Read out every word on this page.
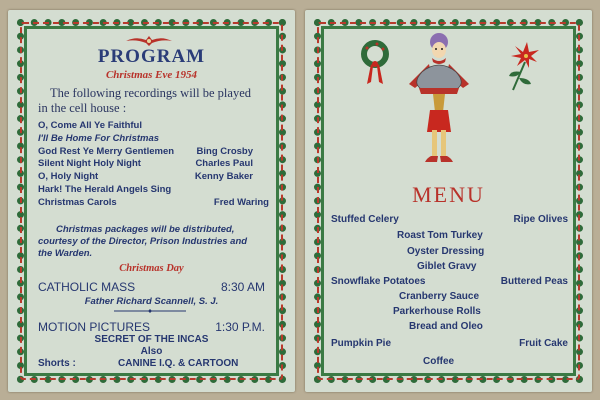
PROGRAM
Christmas Eve 1954
The following recordings will be played
in the cell house :
O, Come All Ye Faithful
I'll Be Home For Christmas
God Rest Ye Merry Gentlemen Bing Crosby
Silent Night Holy Night	Charles Paul
O, Holy Night	Kenny Baker
Hark! The Herald Angels Sing
Christmas Carols	Fred Waring
Christmas packages will be distributed,
courtesy of the Director, Prison Industries and
the Warden.
Christmas Day
CATHOLIC MASS	8:30 AM
Father Richard Scannell, S. J.
MOTION PICTURES	1:30 P.M.
SECRET OF THE INCAS
Also
Shorts :	CANINE I.Q. & CARTOON
MENU
Stuffed Celery	Ripe Olives
Roast Tom Turkey
Oyster Dressing
Giblet Gravy
Snowflake Potatoes	Buttered Peas
Cranberry Sauce
Parkerhouse Rolls
Bread and Oleo
Pumpkin Pie	Fruit Cake
Coffee
